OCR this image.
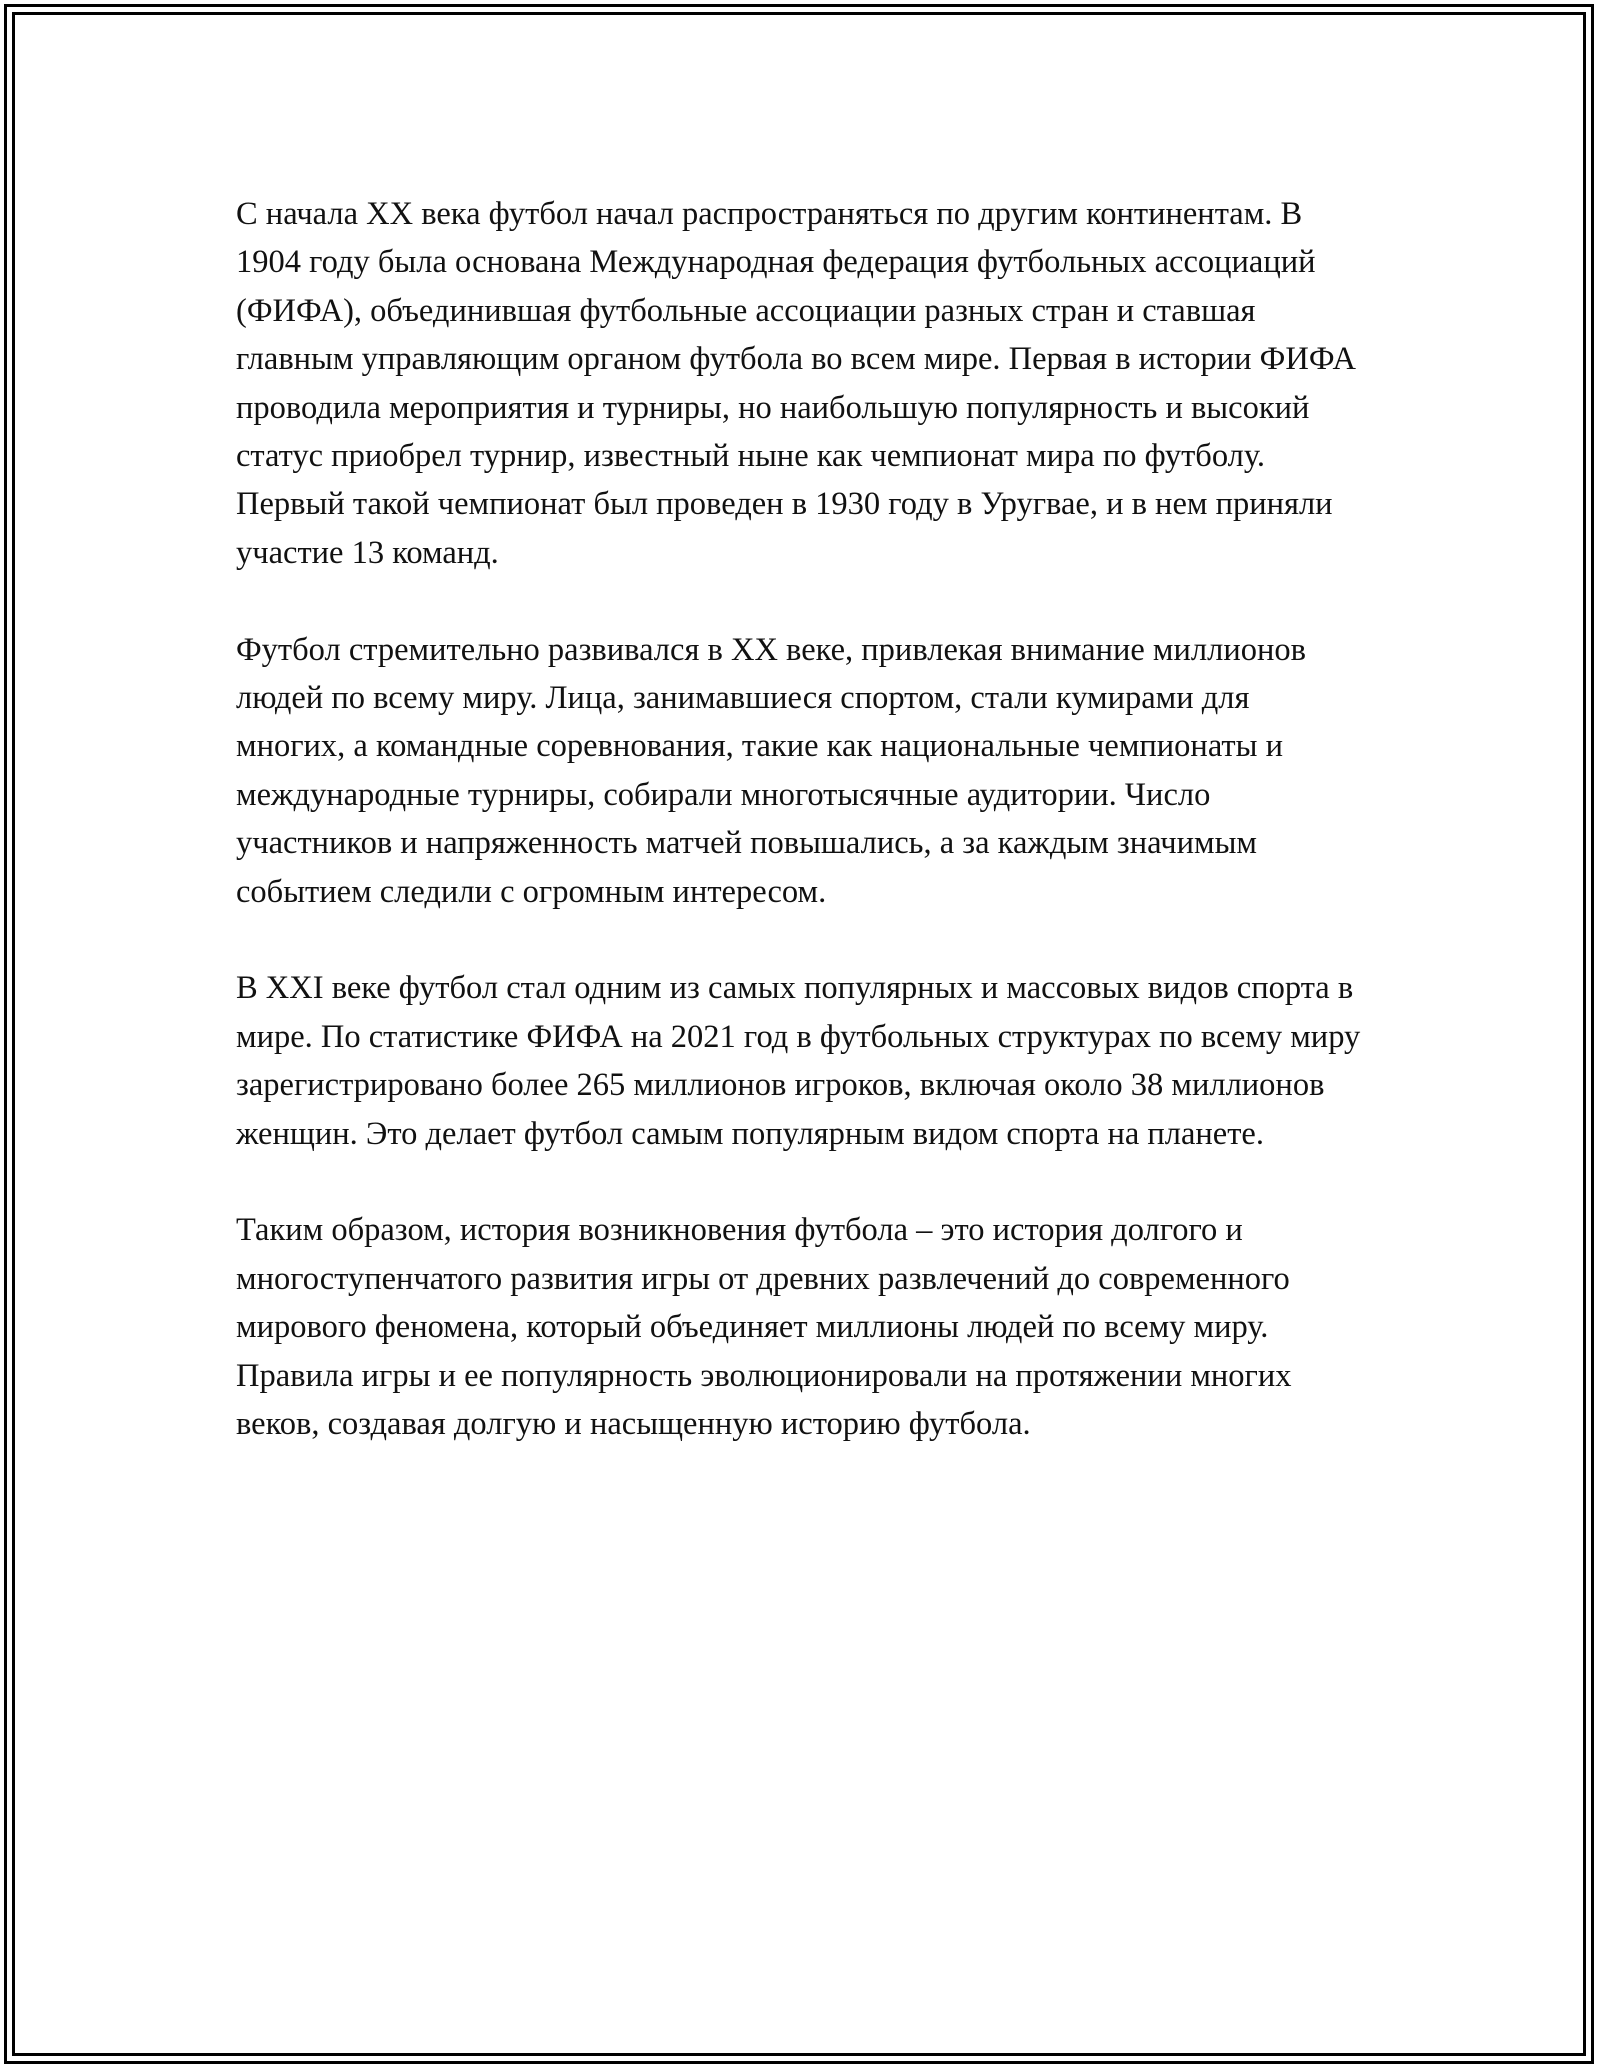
С начала XX века футбол начал распространяться по другим континентам. В 1904 году была основана Международная федерация футбольных ассоциаций (ФИФА), объединившая футбольные ассоциации разных стран и ставшая главным управляющим органом футбола во всем мире. Первая в истории ФИФА проводила мероприятия и турниры, но наибольшую популярность и высокий статус приобрел турнир, известный ныне как чемпионат мира по футболу. Первый такой чемпионат был проведен в 1930 году в Уругвае, и в нем приняли участие 13 команд.

Футбол стремительно развивался в XX веке, привлекая внимание миллионов людей по всему миру. Лица, занимавшиеся спортом, стали кумирами для многих, а командные соревнования, такие как национальные чемпионаты и международные турниры, собирали многотысячные аудитории. Число участников и напряженность матчей повышались, а за каждым значимым событием следили с огромным интересом.

В XXI веке футбол стал одним из самых популярных и массовых видов спорта в мире. По статистике ФИФА на 2021 год в футбольных структурах по всему миру зарегистрировано более 265 миллионов игроков, включая около 38 миллионов женщин. Это делает футбол самым популярным видом спорта на планете.

Таким образом, история возникновения футбола – это история долгого и многоступенчатого развития игры от древних развлечений до современного мирового феномена, который объединяет миллионы людей по всему миру. Правила игры и ее популярность эволюционировали на протяжении многих веков, создавая долгую и насыщенную историю футбола.
